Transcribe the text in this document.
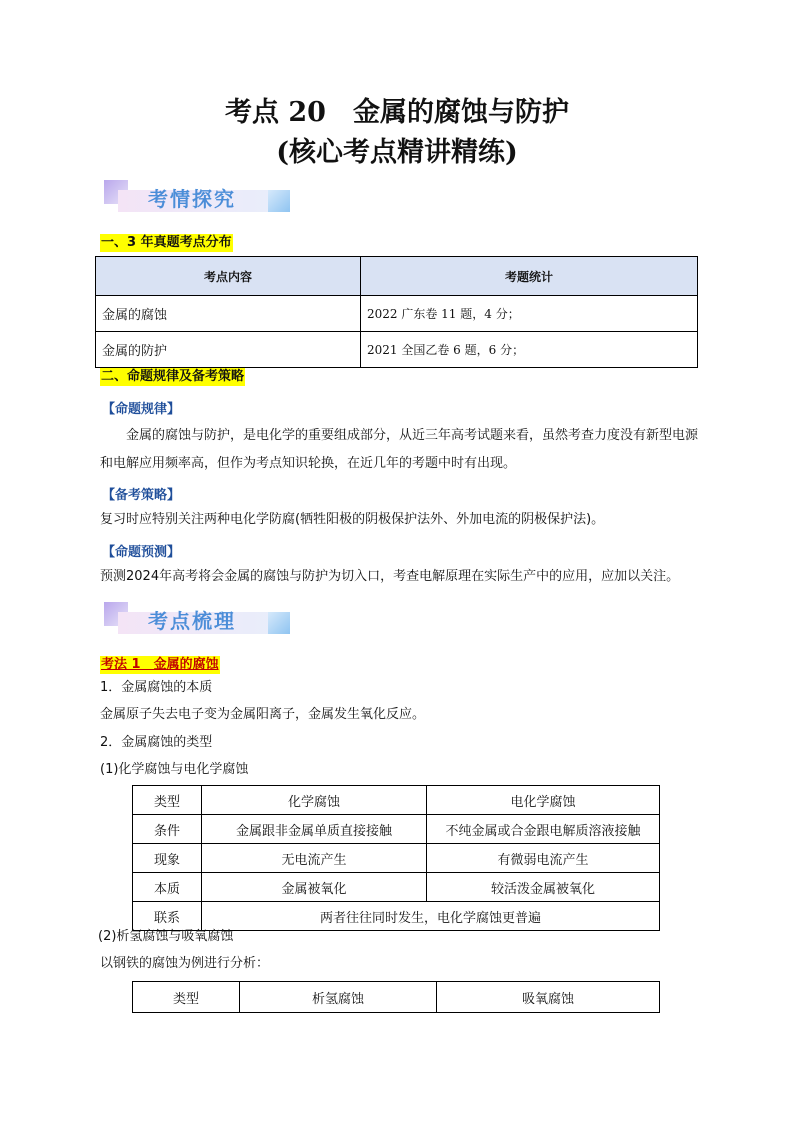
考点 20　金属的腐蚀与防护
(核心考点精讲精练)
考情探究
一、3 年真题考点分布
考点内容	考题统计
金属的腐蚀	2022 广东卷 11 题，4 分；
金属的防护	2021 全国乙卷 6 题，6 分；
二、命题规律及备考策略
【命题规律】
金属的腐蚀与防护，是电化学的重要组成部分，从近三年高考试题来看，虽然考查力度没有新型电源和电解应用频率高，但作为考点知识轮换，在近几年的考题中时有出现。
【备考策略】
复习时应特别关注两种电化学防腐(牺牲阳极的阴极保护法外、外加电流的阴极保护法)。
【命题预测】
预测2024年高考将会金属的腐蚀与防护为切入口，考查电解原理在实际生产中的应用，应加以关注。
考点梳理
考法 1　金属的腐蚀
1．金属腐蚀的本质
金属原子失去电子变为金属阳离子，金属发生氧化反应。
2．金属腐蚀的类型
(1)化学腐蚀与电化学腐蚀
类型	化学腐蚀	电化学腐蚀
条件	金属跟非金属单质直接接触	不纯金属或合金跟电解质溶液接触
现象	无电流产生	有微弱电流产生
本质	金属被氧化	较活泼金属被氧化
联系	两者往往同时发生，电化学腐蚀更普遍	
(2)析氢腐蚀与吸氧腐蚀
以钢铁的腐蚀为例进行分析：
类型	析氢腐蚀	吸氧腐蚀
